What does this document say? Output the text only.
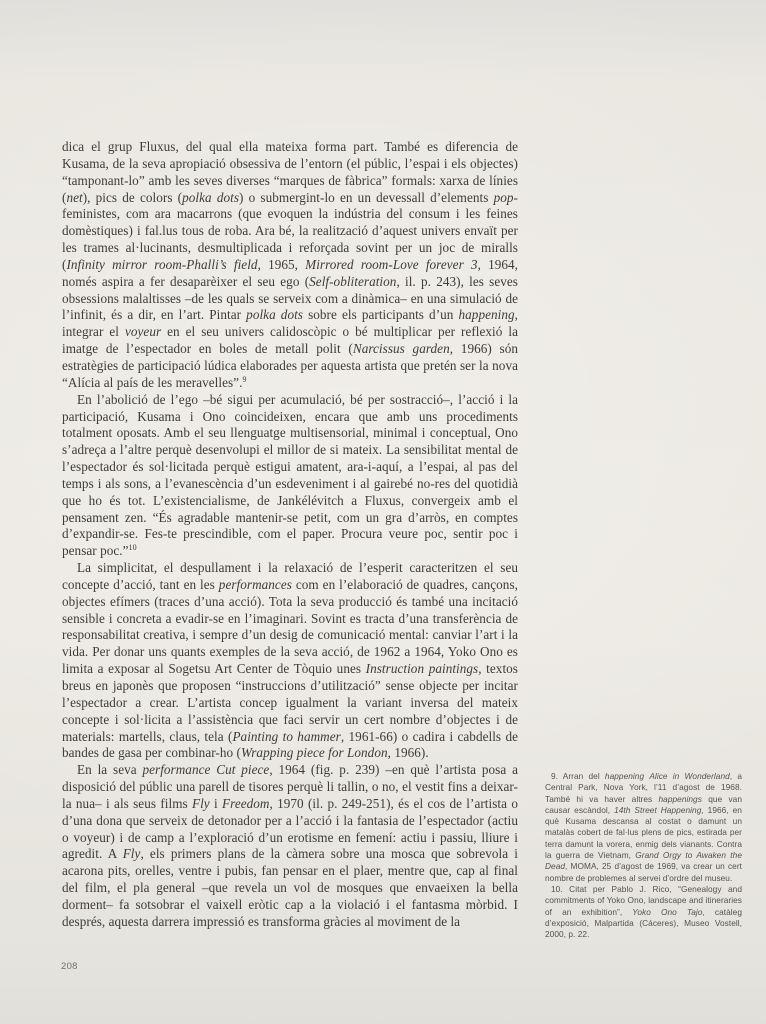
dica el grup Fluxus, del qual ella mateixa forma part. També es diferencia de Kusama, de la seva apropiació obsessiva de l’entorn (el públic, l’espai i els objectes) “tamponant-lo” amb les seves diverses “marques de fàbrica” formals: xarxa de línies (net), pics de colors (polka dots) o submergint-lo en un devessall d’elements pop-feministes, com ara macarrons (que evoquen la indústria del consum i les feines domèstiques) i fal.lus tous de roba. Ara bé, la realització d’aquest univers envaït per les trames al·lucinants, desmultiplicada i reforçada sovint per un joc de miralls (Infinity mirror room-Phalli’s field, 1965, Mirrored room-Love forever 3, 1964, només aspira a fer desaparèixer el seu ego (Self-obliteration, il. p. 243), les seves obsessions malaltisses –de les quals se serveix com a dinàmica– en una simulació de l’infinit, és a dir, en l’art. Pintar polka dots sobre els participants d’un happening, integrar el voyeur en el seu univers calidoscòpic o bé multiplicar per reflexió la imatge de l’espectador en boles de metall polit (Narcissus garden, 1966) són estratègies de participació lúdica elaborades per aquesta artista que pretén ser la nova “Alícia al país de les meravelles”.$^9$

En l’abolició de l’ego –bé sigui per acumulació, bé per sostracció–, l’acció i la participació, Kusama i Ono coincideixen, encara que amb uns procediments totalment oposats. Amb el seu llenguatge multisensorial, minimal i conceptual, Ono s’adreça a l’altre perquè desenvolupi el millor de si mateix. La sensibilitat mental de l’espectador és sol·licitada perquè estigui amatent, ara-i-aquí, a l’espai, al pas del temps i als sons, a l’evanescència d’un esdeveniment i al gairebé no-res del quotidià que ho és tot. L’existencialisme, de Jankélévitch a Fluxus, convergeix amb el pensament zen. “És agradable mantenir-se petit, com un gra d’arròs, en comptes d’expandir-se. Fes-te prescindible, com el paper. Procura veure poc, sentir poc i pensar poc.”$^{10}$

La simplicitat, el despullament i la relaxació de l’esperit caracteritzen el seu concepte d’acció, tant en les performances com en l’elaboració de quadres, cançons, objectes efímers (traces d’una acció). Tota la seva producció és també una incitació sensible i concreta a evadir-se en l’imaginari. Sovint es tracta d’una transferència de responsabilitat creativa, i sempre d’un desig de comunicació mental: canviar l’art i la vida. Per donar uns quants exemples de la seva acció, de 1962 a 1964, Yoko Ono es limita a exposar al Sogetsu Art Center de Tòquio unes Instruction paintings, textos breus en japonès que proposen “instruccions d’utilització” sense objecte per incitar l’espectador a crear. L’artista concep igualment la variant inversa del mateix concepte i sol·licita a l’assistència que faci servir un cert nombre d’objectes i de materials: martells, claus, tela (Painting to hammer, 1961-66) o cadira i cabdells de bandes de gasa per combinar-ho (Wrapping piece for London, 1966).

En la seva performance Cut piece, 1964 (fig. p. 239) –en què l’artista posa a disposició del públic una parell de tisores perquè li tallin, o no, el vestit fins a deixar-la nua– i als seus films Fly i Freedom, 1970 (il. p. 249-251), és el cos de l’artista o d’una dona que serveix de detonador per a l’acció i la fantasia de l’espectador (actiu o voyeur) i de camp a l’exploració d’un erotisme en femení: actiu i passiu, lliure i agredit. A Fly, els primers plans de la càmera sobre una mosca que sobrevola i acarona pits, orelles, ventre i pubis, fan pensar en el plaer, mentre que, cap al final del film, el pla general –que revela un vol de mosques que envaeixen la bella dorment– fa sotsobrar el vaixell eròtic cap a la violació i el fantasma mòrbid. I després, aquesta darrera impressió es transforma gràcies al moviment de la

9. Arran del happening Alice in Wonderland, a Central Park, Nova York, l’11 d’agost de 1968. També hi va haver altres happenings que van causar escàndol, 14th Street Happening, 1966, en què Kusama descansa al costat o damunt un matalàs cobert de fal·lus plens de pics, estirada per terra damunt la vorera, enmig dels vianants. Contra la guerra de Vietnam, Grand Orgy to Awaken the Dead, MOMA, 25 d’agost de 1969, va crear un cert nombre de problemes al servei d’ordre del museu.

10. Citat per Pablo J. Rico, “Genealogy and commitments of Yoko Ono, landscape and itineraries of an exhibition”, Yoko Ono Tajo, catàleg d’exposició, Malpartida (Cáceres), Museo Vostell, 2000, p. 22.

208
